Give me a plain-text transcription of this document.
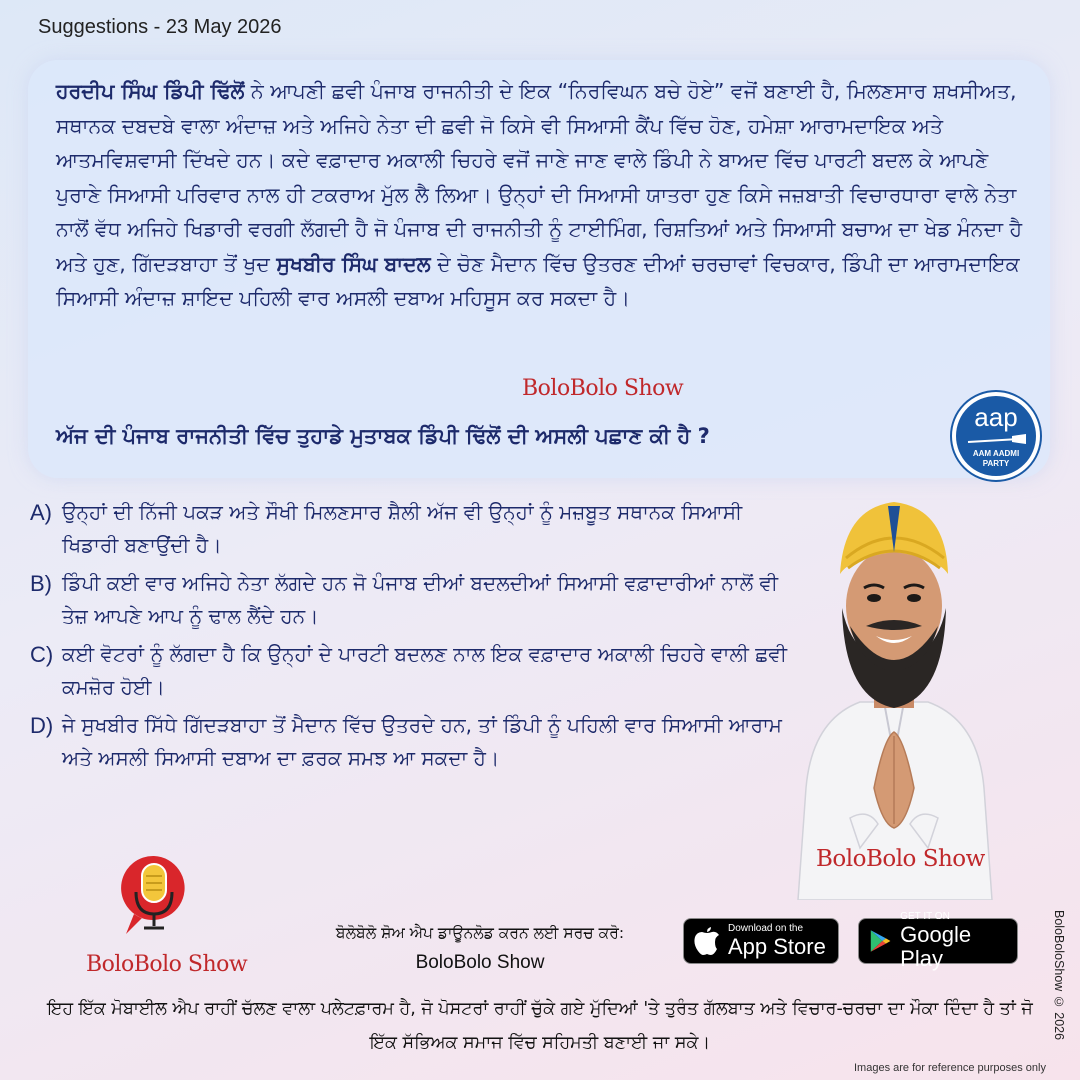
Suggestions - 23 May 2026

ਹਰਦੀਪ ਸਿੰਘ ਡਿੰਪੀ ਢਿੱਲੋਂ ਨੇ ਆਪਣੀ ਛਵੀ ਪੰਜਾਬ ਰਾਜਨੀਤੀ ਦੇ ਇਕ “ਨਿਰਵਿਘਨ ਬਚੇ ਹੋਏ” ਵਜੋਂ ਬਣਾਈ ਹੈ, ਮਿਲਣਸਾਰ ਸ਼ਖਸੀਅਤ, ਸਥਾਨਕ ਦਬਦਬੇ ਵਾਲਾ ਅੰਦਾਜ਼ ਅਤੇ ਅਜਿਹੇ ਨੇਤਾ ਦੀ ਛਵੀ ਜੋ ਕਿਸੇ ਵੀ ਸਿਆਸੀ ਕੈਂਪ ਵਿੱਚ ਹੋਣ, ਹਮੇਸ਼ਾ ਆਰਾਮਦਾਇਕ ਅਤੇ ਆਤਮਵਿਸ਼ਵਾਸੀ ਦਿੱਖਦੇ ਹਨ। ਕਦੇ ਵਫ਼ਾਦਾਰ ਅਕਾਲੀ ਚਿਹਰੇ ਵਜੋਂ ਜਾਣੇ ਜਾਣ ਵਾਲੇ ਡਿੰਪੀ ਨੇ ਬਾਅਦ ਵਿੱਚ ਪਾਰਟੀ ਬਦਲ ਕੇ ਆਪਣੇ ਪੁਰਾਣੇ ਸਿਆਸੀ ਪਰਿਵਾਰ ਨਾਲ ਹੀ ਟਕਰਾਅ ਮੁੱਲ ਲੈ ਲਿਆ। ਉਨ੍ਹਾਂ ਦੀ ਸਿਆਸੀ ਯਾਤਰਾ ਹੁਣ ਕਿਸੇ ਜਜ਼ਬਾਤੀ ਵਿਚਾਰਧਾਰਾ ਵਾਲੇ ਨੇਤਾ ਨਾਲੋਂ ਵੱਧ ਅਜਿਹੇ ਖਿਡਾਰੀ ਵਰਗੀ ਲੱਗਦੀ ਹੈ ਜੋ ਪੰਜਾਬ ਦੀ ਰਾਜਨੀਤੀ ਨੂੰ ਟਾਈਮਿੰਗ, ਰਿਸ਼ਤਿਆਂ ਅਤੇ ਸਿਆਸੀ ਬਚਾਅ ਦਾ ਖੇਡ ਮੰਨਦਾ ਹੈ ਅਤੇ ਹੁਣ, ਗਿੱਦੜਬਾਹਾ ਤੋਂ ਖੁਦ ਸੁਖਬੀਰ ਸਿੰਘ ਬਾਦਲ ਦੇ ਚੋਣ ਮੈਦਾਨ ਵਿੱਚ ਉਤਰਣ ਦੀਆਂ ਚਰਚਾਵਾਂ ਵਿਚਕਾਰ, ਡਿੰਪੀ ਦਾ ਆਰਾਮਦਾਇਕ ਸਿਆਸੀ ਅੰਦਾਜ਼ ਸ਼ਾਇਦ ਪਹਿਲੀ ਵਾਰ ਅਸਲੀ ਦਬਾਅ ਮਹਿਸੂਸ ਕਰ ਸਕਦਾ ਹੈ।

BoloBolo Show
ਅੱਜ ਦੀ ਪੰਜਾਬ ਰਾਜਨੀਤੀ ਵਿੱਚ ਤੁਹਾਡੇ ਮੁਤਾਬਕ ਡਿੰਪੀ ਢਿੱਲੋਂ ਦੀ ਅਸਲੀ ਪਛਾਣ ਕੀ ਹੈ ?
aap
AAM AADMI
PARTY
A) ਉਨ੍ਹਾਂ ਦੀ ਨਿੱਜੀ ਪਕੜ ਅਤੇ ਸੌਖੀ ਮਿਲਣਸਾਰ ਸ਼ੈਲੀ ਅੱਜ ਵੀ ਉਨ੍ਹਾਂ ਨੂੰ ਮਜ਼ਬੂਤ ਸਥਾਨਕ ਸਿਆਸੀ ਖਿਡਾਰੀ ਬਣਾਉਂਦੀ ਹੈ।
B) ਡਿੰਪੀ ਕਈ ਵਾਰ ਅਜਿਹੇ ਨੇਤਾ ਲੱਗਦੇ ਹਨ ਜੋ ਪੰਜਾਬ ਦੀਆਂ ਬਦਲਦੀਆਂ ਸਿਆਸੀ ਵਫ਼ਾਦਾਰੀਆਂ ਨਾਲੋਂ ਵੀ ਤੇਜ਼ ਆਪਣੇ ਆਪ ਨੂੰ ਢਾਲ ਲੈਂਦੇ ਹਨ।
C) ਕਈ ਵੋਟਰਾਂ ਨੂੰ ਲੱਗਦਾ ਹੈ ਕਿ ਉਨ੍ਹਾਂ ਦੇ ਪਾਰਟੀ ਬਦਲਣ ਨਾਲ ਇਕ ਵਫ਼ਾਦਾਰ ਅਕਾਲੀ ਚਿਹਰੇ ਵਾਲੀ ਛਵੀ ਕਮਜ਼ੋਰ ਹੋਈ।
D) ਜੇ ਸੁਖਬੀਰ ਸਿੱਧੇ ਗਿੱਦੜਬਾਹਾ ਤੋਂ ਮੈਦਾਨ ਵਿੱਚ ਉਤਰਦੇ ਹਨ, ਤਾਂ ਡਿੰਪੀ ਨੂੰ ਪਹਿਲੀ ਵਾਰ ਸਿਆਸੀ ਆਰਾਮ ਅਤੇ ਅਸਲੀ ਸਿਆਸੀ ਦਬਾਅ ਦਾ ਫ਼ਰਕ ਸਮਝ ਆ ਸਕਦਾ ਹੈ।
BoloBolo Show
BoloBolo Show
ਬੋਲੋਬੋਲੋ ਸ਼ੋਅ ਐਪ ਡਾਊਨਲੋਡ ਕਰਨ ਲਈ ਸਰਚ ਕਰੋ:
BoloBolo Show
Download on the
App Store
GET IT ON
Google Play
ਇਹ ਇੱਕ ਮੋਬਾਈਲ ਐਪ ਰਾਹੀਂ ਚੱਲਣ ਵਾਲਾ ਪਲੇਟਫ਼ਾਰਮ ਹੈ, ਜੋ ਪੋਸਟਰਾਂ ਰਾਹੀਂ ਚੁੱਕੇ ਗਏ ਮੁੱਦਿਆਂ 'ਤੇ ਤੁਰੰਤ ਗੱਲਬਾਤ ਅਤੇ ਵਿਚਾਰ-ਚਰਚਾ ਦਾ ਮੌਕਾ ਦਿੰਦਾ ਹੈ ਤਾਂ ਜੋ ਇੱਕ ਸੱਭਿਅਕ ਸਮਾਜ ਵਿੱਚ ਸਹਿਮਤੀ ਬਣਾਈ ਜਾ ਸਕੇ।
BoloBoloShow © 2026
Images are for reference purposes only
